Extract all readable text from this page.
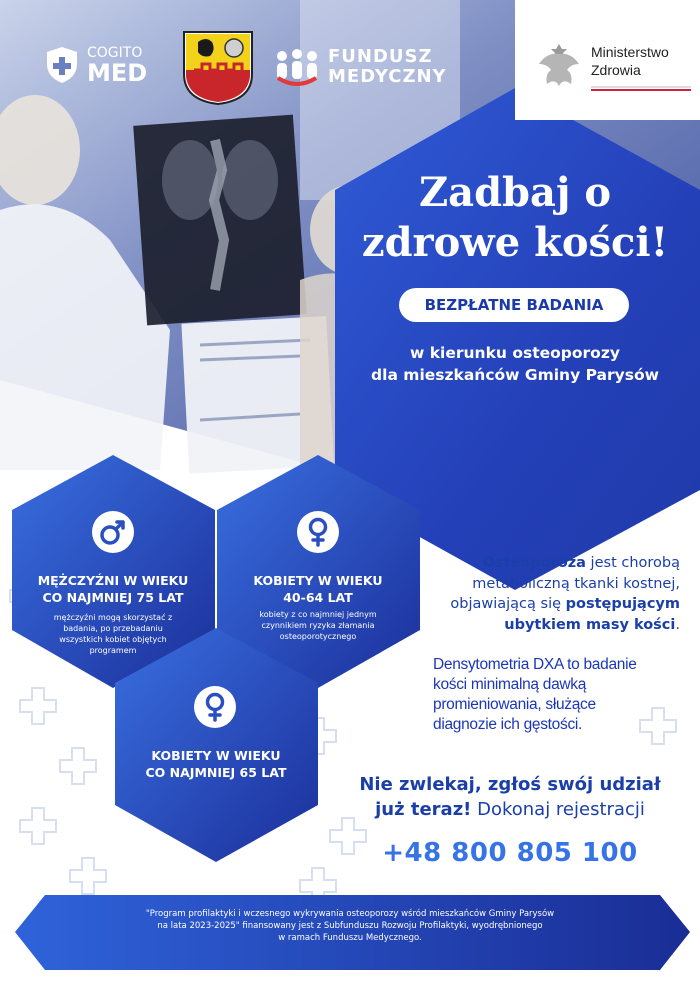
COGITO
MED
FUNDUSZ
MEDYCZNY
Ministerstwo
Zdrowia
Zadbaj o
zdrowe kości!
BEZPŁATNE BADANIA
w kierunku osteoporozy
dla mieszkańców Gminy Parysów
MĘŻCZYŹNI W WIEKU
CO NAJMNIEJ 75 LAT
mężczyźni mogą skorzystać z
badania, po przebadaniu
wszystkich kobiet objętych
programem
KOBIETY W WIEKU
40-64 LAT
kobiety z co najmniej jednym
czynnikiem ryzyka złamania
osteoporotycznego
KOBIETY W WIEKU
CO NAJMNIEJ 65 LAT
Osteoporoza jest chorobą
metaboliczną tkanki kostnej,
objawiającą się postępującym
ubytkiem masy kości.
Densytometria DXA to badanie
kości minimalną dawką
promieniowania, służące
diagnozie ich gęstości.
Nie zwlekaj, zgłoś swój udział
już teraz! Dokonaj rejestracji
+48 800 805 100
"Program profilaktyki i wczesnego wykrywania osteoporozy wśród mieszkańców Gminy Parysów
na lata 2023-2025" finansowany jest z Subfunduszu Rozwoju Profilaktyki, wyodrębnionego
w ramach Funduszu Medycznego.
